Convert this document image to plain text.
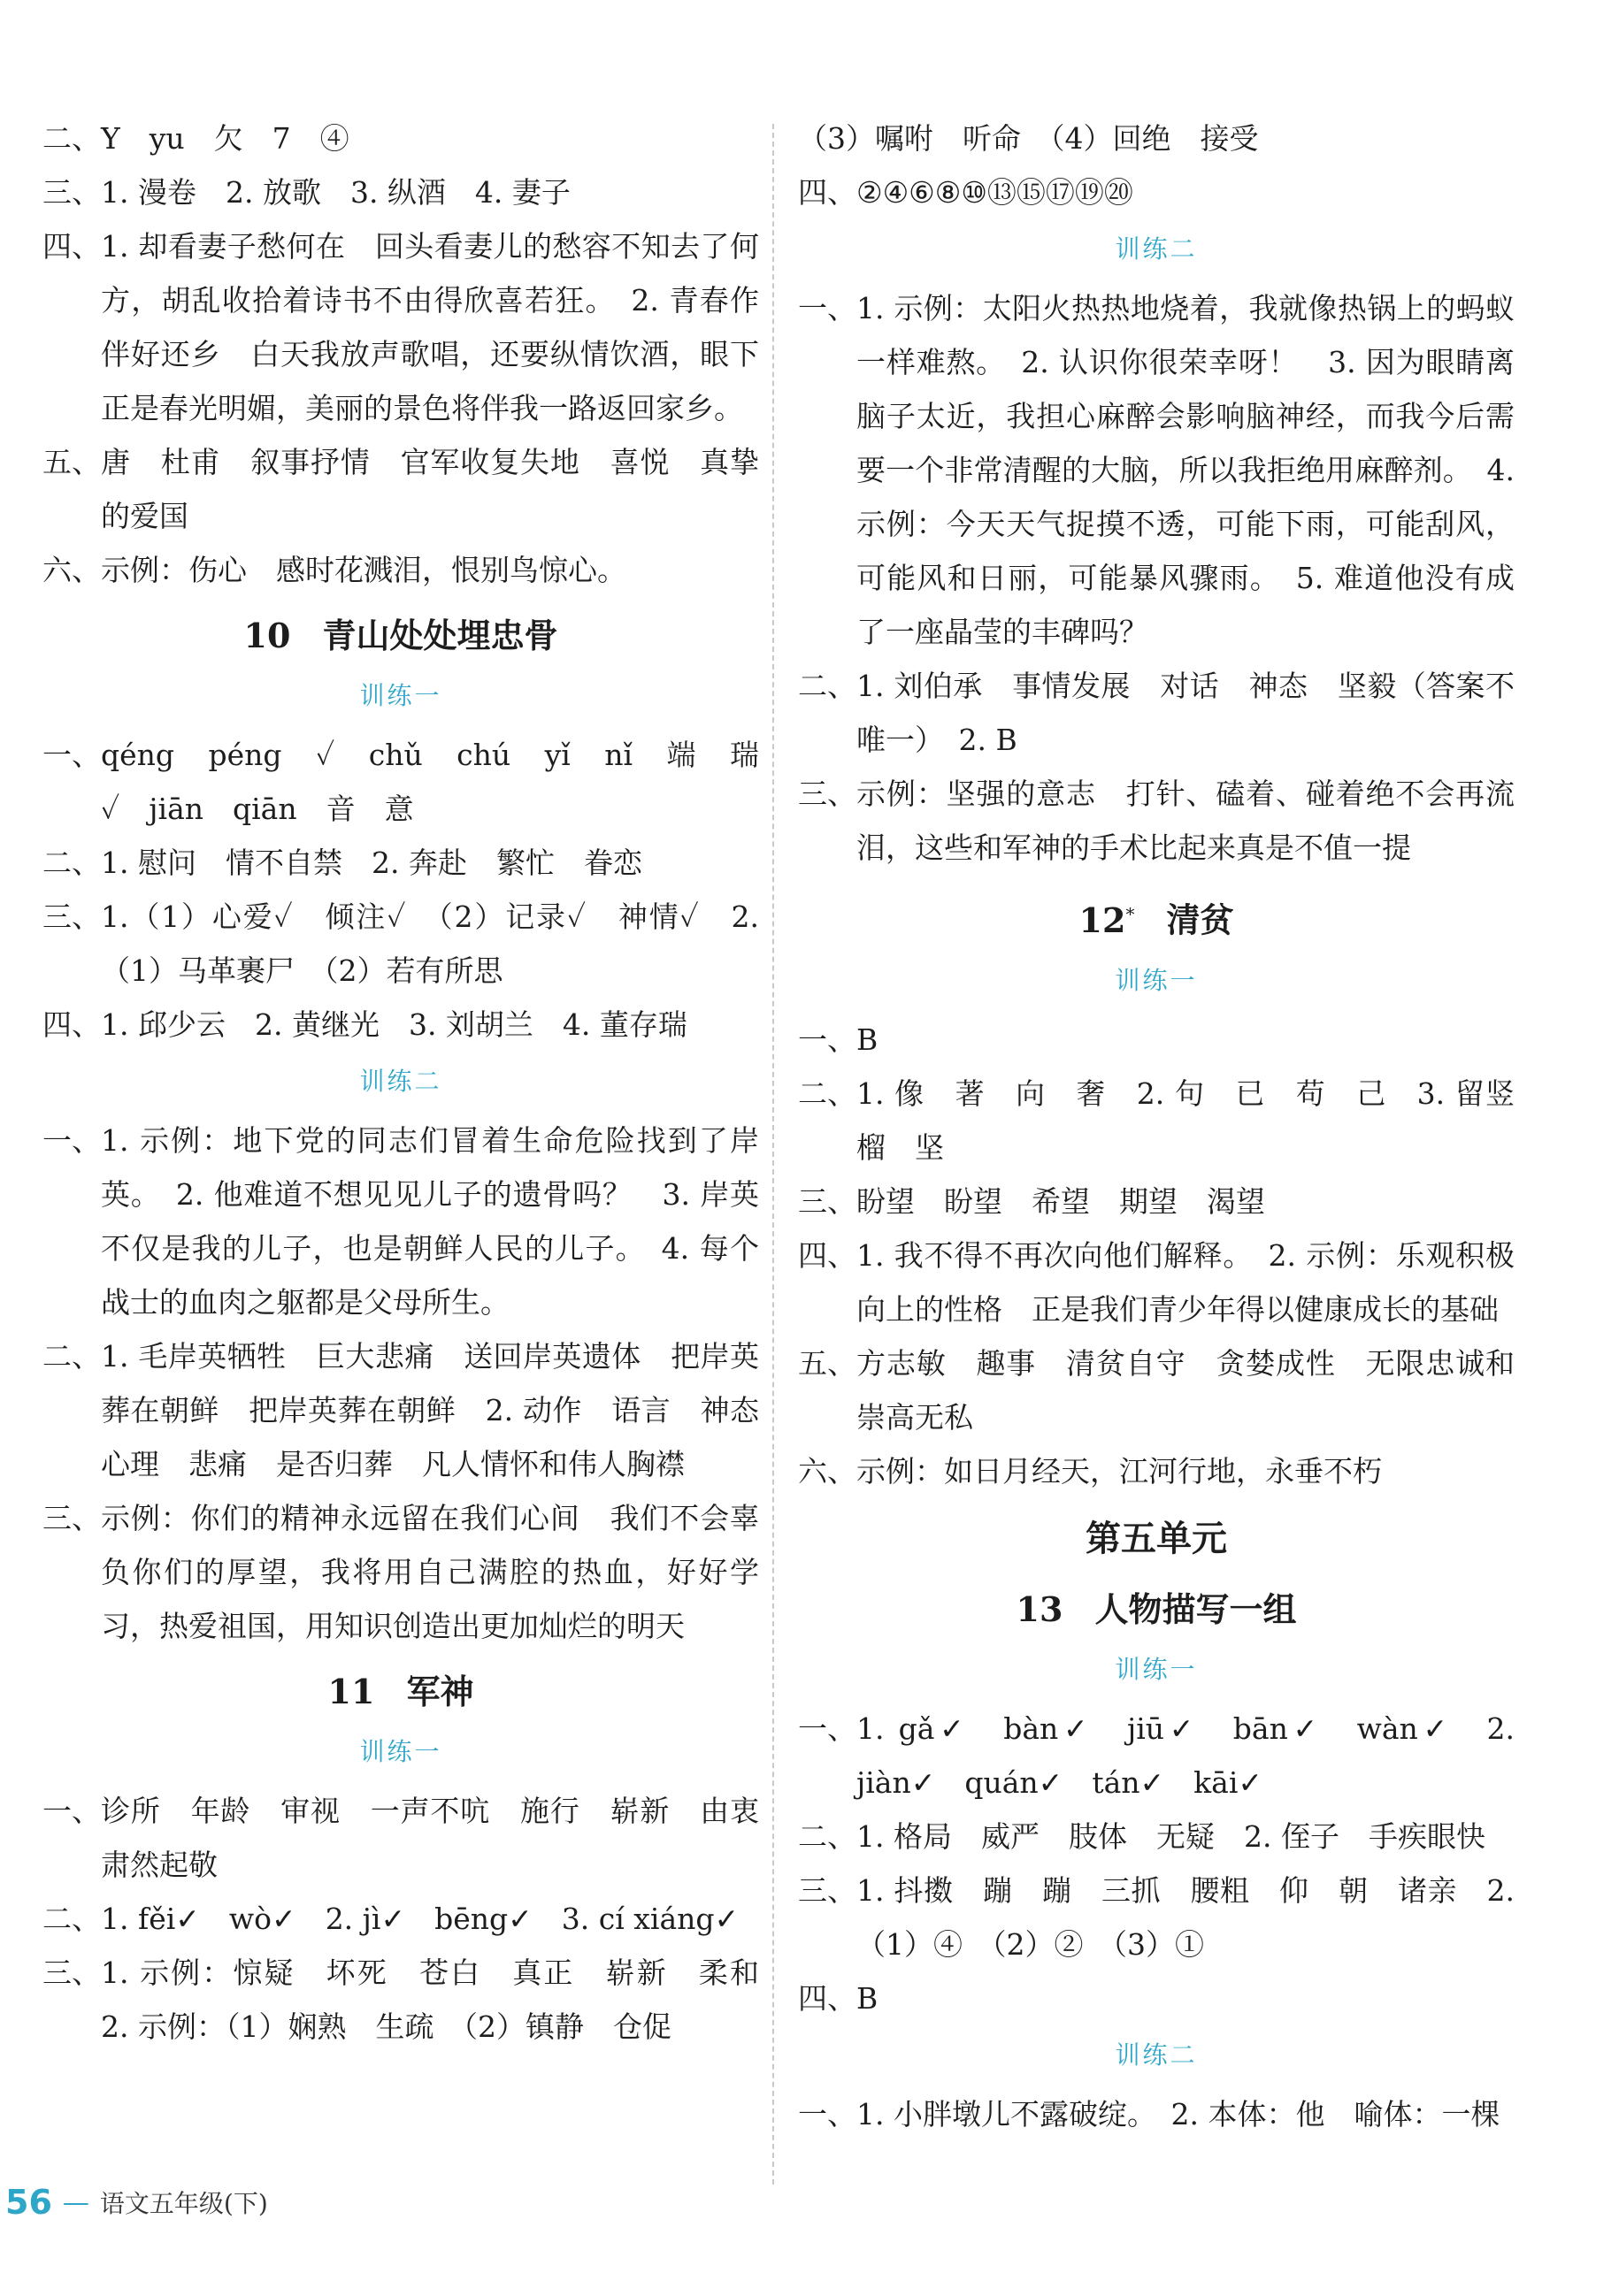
二、 Y　yu　欠　7　④
三、 1. 漫卷　2. 放歌　3. 纵酒　4. 妻子
四、 1. 却看妻子愁何在　回头看妻儿的愁容不知去了何方，胡乱收拾着诗书不由得欣喜若狂。　2. 青春作伴好还乡　白天我放声歌唱，还要纵情饮酒，眼下正是春光明媚，美丽的景色将伴我一路返回家乡。
五、 唐　杜甫　叙事抒情　官军收复失地　喜悦　真挚的爱国
六、 示例：伤心　感时花溅泪，恨别鸟惊心。
10 青山处处埋忠骨
训练一
一、 qéng　péng　✓　chǔ　chú　yǐ　nǐ　端　瑞　✓　jiān　qiān　音　意
二、 1. 慰问　情不自禁　2. 奔赴　繁忙　眷恋
三、 1.（1）心爱✓　倾注✓　（2）记录✓　神情✓　2.（1）马革裹尸　（2）若有所思
四、 1. 邱少云　2. 黄继光　3. 刘胡兰　4. 董存瑞
训练二
一、 1. 示例：地下党的同志们冒着生命危险找到了岸英。　2. 他难道不想见见儿子的遗骨吗？　3. 岸英不仅是我的儿子，也是朝鲜人民的儿子。　4. 每个战士的血肉之躯都是父母所生。
二、 1. 毛岸英牺牲　巨大悲痛　送回岸英遗体　把岸英葬在朝鲜　把岸英葬在朝鲜　2. 动作　语言　神态　心理　悲痛　是否归葬　凡人情怀和伟人胸襟
三、 示例：你们的精神永远留在我们心间　我们不会辜负你们的厚望，我将用自己满腔的热血，好好学习，热爱祖国，用知识创造出更加灿烂的明天
11 军神
训练一
一、 诊所　年龄　审视　一声不吭　施行　崭新　由衷肃然起敬
二、 1. fěi✓　wò✓　2. jì✓　bēng✓　3. cí xiáng✓
三、 1. 示例：惊疑　坏死　苍白　真正　崭新　柔和　2. 示例：（1）娴熟　生疏　（2）镇静　仓促
（3）嘱咐　听命　（4）回绝　接受
四、 ②④⑥⑧⑩⑬⑮⑰⑲⑳
训练二
一、 1. 示例：太阳火热热地烧着，我就像热锅上的蚂蚁一样难熬。　2. 认识你很荣幸呀！　3. 因为眼睛离脑子太近，我担心麻醉会影响脑神经，而我今后需要一个非常清醒的大脑，所以我拒绝用麻醉剂。　4. 示例：今天天气捉摸不透，可能下雨，可能刮风，可能风和日丽，可能暴风骤雨。　5. 难道他没有成了一座晶莹的丰碑吗？
二、 1. 刘伯承　事情发展　对话　神态　坚毅（答案不唯一）　2. B
三、 示例：坚强的意志　打针、磕着、碰着绝不会再流泪，这些和军神的手术比起来真是不值一提
12* 清贫
训练一
一、 B
二、 1. 像　著　向　奢　2. 句　已　苟　己　3. 留竖　榴　坚
三、 盼望　盼望　希望　期望　渴望
四、 1. 我不得不再次向他们解释。　2. 示例：乐观积极向上的性格　正是我们青少年得以健康成长的基础
五、 方志敏　趣事　清贫自守　贪婪成性　无限忠诚和崇高无私
六、 示例：如日月经天，江河行地，永垂不朽
第五单元
13 人物描写一组
训练一
一、 1. gǎ✓　bàn✓　jiū✓　bān✓　wàn✓　2. jiàn✓　quán✓　tán✓　kāi✓
二、 1. 格局　威严　肢体　无疑　2. 侄子　手疾眼快
三、 1. 抖擞　蹦　蹦　三抓　腰粗　仰　朝　诸亲　2.（1）④　（2）②　（3）①
四、 B
训练二
一、 1. 小胖墩儿不露破绽。　2. 本体：他　喻体：一棵
56 — 语文五年级(下)
